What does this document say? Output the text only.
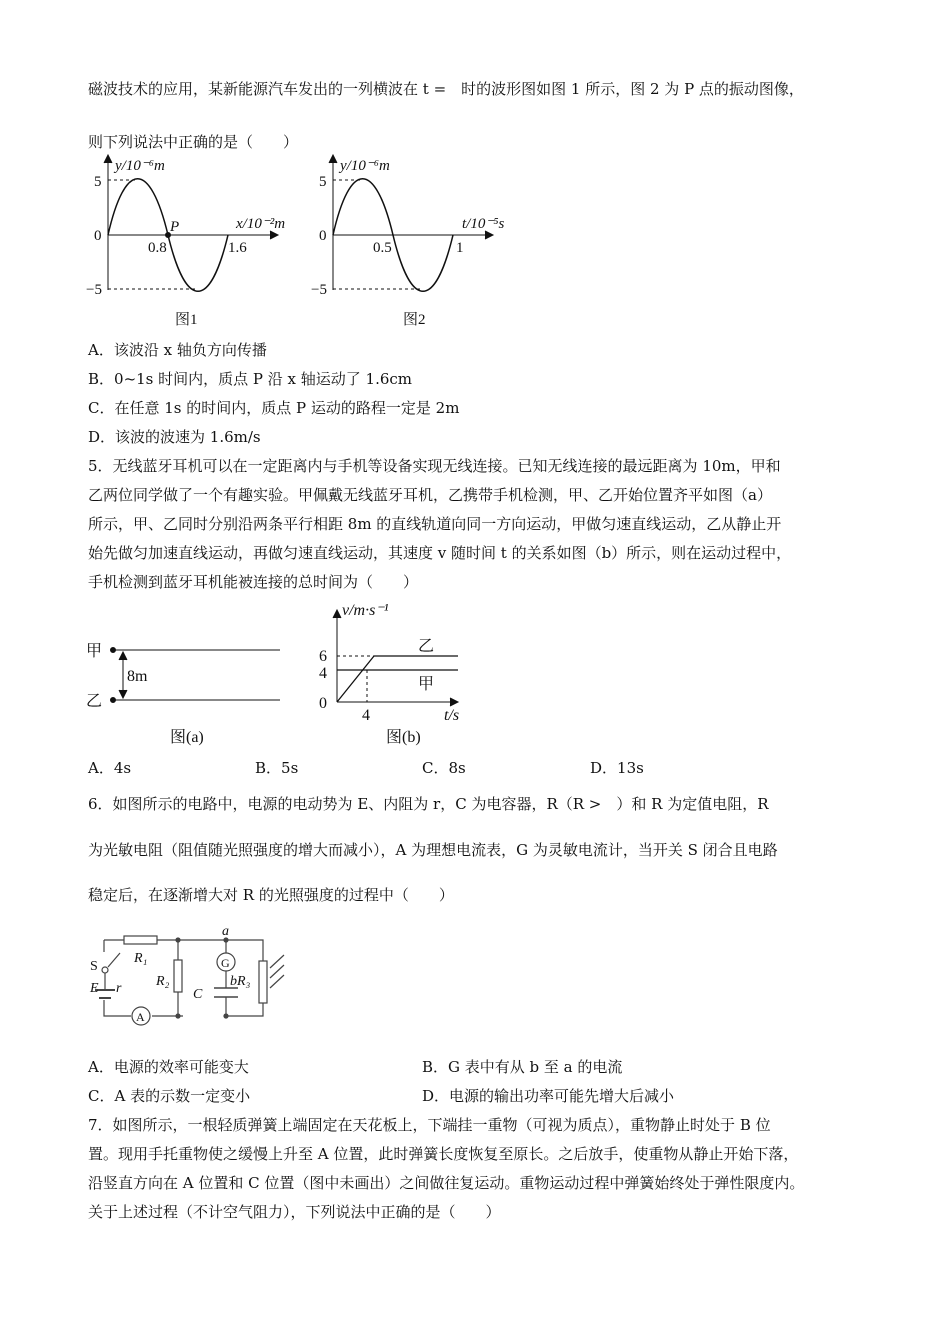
磁波技术的应用，某新能源汽车发出的一列横波在 t =　时的波形图如图 1 所示，图 2 为 P 点的振动图像，
则下列说法中正确的是（　　）
y/10⁻⁶m
5
0
−5
P
0.8	1.6
x/10⁻²m
图1
y/10⁻⁶m
5
0
−5
0.5	1
t/10⁻⁵s
图2
A．该波沿 x 轴负方向传播
B．0~1s 时间内，质点 P 沿 x 轴运动了 1.6cm
C．在任意 1s 的时间内，质点 P 运动的路程一定是 2m
D．该波的波速为 1.6m/s
5．无线蓝牙耳机可以在一定距离内与手机等设备实现无线连接。已知无线连接的最远距离为 10m，甲和
乙两位同学做了一个有趣实验。甲佩戴无线蓝牙耳机，乙携带手机检测，甲、乙开始位置齐平如图（a）
所示，甲、乙同时分别沿两条平行相距 8m 的直线轨道向同一方向运动，甲做匀速直线运动，乙从静止开
始先做匀加速直线运动，再做匀速直线运动，其速度 v 随时间 t 的关系如图（b）所示，则在运动过程中，
手机检测到蓝牙耳机能被连接的总时间为（　　）
甲
乙
8m
图(a)
v/m·s⁻¹
6
4
0
4	t/s
乙
甲
图(b)
A．4s	B．5s	C．8s	D．13s
6．如图所示的电路中，电源的电动势为 E、内阻为 r，C 为电容器，R（R >　）和 R 为定值电阻，R
为光敏电阻（阻值随光照强度的增大而减小），A 为理想电流表，G 为灵敏电流计，当开关 S 闭合且电路
稳定后，在逐渐增大对 R 的光照强度的过程中（　　）
S
E r
R₁
R₂	R₃
G
A
C
a
b
A．电源的效率可能变大	B．G 表中有从 b 至 a 的电流
C．A 表的示数一定变小	D．电源的输出功率可能先增大后减小
7．如图所示，一根轻质弹簧上端固定在天花板上，下端挂一重物（可视为质点），重物静止时处于 B 位
置。现用手托重物使之缓慢上升至 A 位置，此时弹簧长度恢复至原长。之后放手，使重物从静止开始下落，
沿竖直方向在 A 位置和 C 位置（图中未画出）之间做往复运动。重物运动过程中弹簧始终处于弹性限度内。
关于上述过程（不计空气阻力），下列说法中正确的是（　　）
